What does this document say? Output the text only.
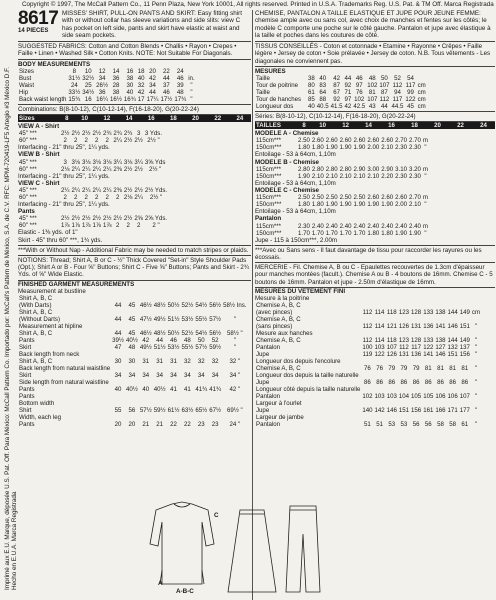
Copyright © 1997, The McCall Pattern Co., 11 Penn Plaza, New York 10001, All rights reserved. Printed in U.S.A. Trademarks Reg. U.S. Pat. & TM Off. Marca Registrada
Imprimé aux E.U. Marque, déposée U.S. Pat. Off. Para México: McCall Pattern Co. Importado por: McCall's Pattern de México, S.A. de C.V. RFC: MPM-720419-LF5 Artegio #3 México D.F. Hecho en E.U.A. Marca Registrada
8617
14 PIECES
MISSES' SHIRT, PULL-ON PANTS AND SKIRT: Easy fitting shirt with or without collar has sleeve variations and side slits: view C has pocket on left side, pants and skirt have elastic at waist and side seam pockets.
SUGGESTED FABRICS: Cotton and Cotton Blends • Challis • Rayon • Crepes • Faille • Linen • Washed Silk • Cotton Knits. NOTE: Not Suitable For Diagonals.
BODY MEASUREMENTS
Sizes	8	10	12	14	16	18	20	22	24	
Bust	31½	32½	34	36	38	40	42	44	46	in.
Waist	24	25	26½	28	30	32	34	37	39	"
Hip	33½	34½	36	38	40	42	44	46	48	"
Back waist length	15¾	16	16¼	16½	16¾	17	17¼	17½	17¾	"
Combinations: B(8-10-12), C(10-12-14), F(16-18-20), G(20-22-24)
Sizes	8	10	12	14	16	18	20	22	24
VIEW A - Shirt
45" ***	2½	2½	2½	2½	2¾	2¾	2¾	3	3 Yds.
60" ***	2	2	2	2	2	2¼	2½	2½	2½ "
Interfacing - 21" thru 25", 1¼ yds.
VIEW B - Shirt
45" ***	3	3⅛	3⅛	3⅛	3⅛	3¼	3⅛	3¼	3⅝ Yds
60" ***	2⅛	2¼	2¼	2¼	2¼	2⅜	2½	2½	2½ "
Interfacing - 21" thru 25", 1¼ yds.
VIEW C - Shirt
45" ***	2¼	2¼	2¼	2¼	2¼	2⅜	2½	2½	2½ Yds.
60" ***	2	2	2	2	2	2	2⅛	2¼	2½ "
Interfacing - 21" thru 25", 1¼ yds.
Pants
45" ***	2½	2½	2½	2½	2½	2½	2½	2⅝	2⅝ Yds.
60" ***	1⅞	1⅞	1⅞	1⅞	1⅞	2	2	2	2 "
Elastic - 1⅜ yds. of 1"
Skirt - 45" thru 60" ***, 1¾ yds.
***With or Without Nap - Additional Fabric may be needed to match stripes or plaids.
NOTIONS: Thread; Shirt A, B or C - ½" Thick Covered "Set-in" Style Shoulder Pads (Opt.); Shirt A or B - Four ⅝" Buttons; Shirt C - Five ⅝" Buttons; Pants and Skirt - 2¾ Yds. of ⅝" Wide Elastic.
FINISHED GARMENT MEASUREMENTS
Measurement at bustline
Shirt A, B, C									
(With Darts)	44	45	46½	48½	50½	52½	54½	56½	58½ Ins.
Shirt A, B, C									
(Without Darts)	44	45	47½	49½	51½	53½	55½	57½	"
Measurement at hipline									
Shirt A, B, C	44	45	46½	48½	50½	52½	54½	56½	58½ "
Pants	39½	40½	42	44	46	48	50	52	"
Skirt	47	48	49½	51½	53½	55½	57½	59½	"
Back length from neck									
Shirt A, B, C	30	30	31	31	31	32	32	32	32 "
Back length from natural waistline									
Skirt	34	34	34	34	34	34	34	34	34 "
Side length from natural waistline									
Pants	40	40½	40	40½	41	41	41¾	41¾	42 "
Pants									
Bottom width									
Shirt	55	56	57½	59½	61½	63½	65½	67½	69½ "
Width, each leg									
Pants	20	20	21	21	22	22	23	23	24 "
CHEMISE, PANTALON A TAILLE ELASTIQUE ET JUPE POUR JEUNE FEMME: chemise ample avec ou sans col, avec choix de manches et fentes sur les côtés; le modèle C comporte une poche sur le côté gauche. Pantalon et jupe avec élastique à la taille et poches dans les coutures de côté.
TISSUS CONSEILLÉS - Coton et cotonnade • Etamine • Rayonne • Crêpes • Faille légère • Jersey de coton • Soie prélavée • Jersey de coton. N.B. Tous vêtements - Les diagonales ne conviennent pas.
MESURES
Taille	38	40	42	44	46	48	50	52	54	
Tour de poitrine	80	83	87	92	97	102	107	112	117	cm
Taille	61	64	67	71	76	81	87	94	99	cm
Tour de hanches	85	88	92	97	102	107	112	117	122	cm
Longueur dos	40	40.5	41.5	42	42.5	43	44	44.5	45	cm
Séries: B(8-10-12), C(10-12-14), F(16-18-20), G(20-22-24)
TAILLES	8	10	12	14	16	18	20	22	24
MODELE A - Chemise
115cm***	2.50	2.60	2.60	2.60	2.60	2.60	2.60	2.70	2.70	m
150cm***	1.80	1.80	1.90	1.90	1.90	2.00	2.10	2.30	2.30	"
Entoilage - 53 à 64cm, 1,10m
MODELE B - Chemise
115cm***	2.80	2.80	2.80	2.80	2.90	3.00	2.90	3.10	3.20	m
150cm***	1.90	2.10	2.10	2.10	2.10	2.10	2.20	2.30	2.30	"
Entoilage - 53 à 64cm, 1,10m
MODELE C - Chemise
115cm***	2.50	2.50	2.50	2.50	2.50	2.60	2.60	2.60	2.70	m
150cm***	1.80	1.80	1.90	1.90	1.90	1.90	1.90	2.00	2.10	"
Entoilage - 53 à 64cm, 1,10m
Pantalon
115cm***	2.30	2.40	2.40	2.40	2.40	2.40	2.40	2.40	2.40	m
150cm***	1.70	1.70	1.70	1.70	1.70	1.80	1.80	1.90	1.90	"
Jupe - 115 à 150cm***, 2.00m
***Avec ou Sans sens - Il faut davantage de tissu pour raccorder les rayures ou les écossais.
MERCERIE - Fil. Chemise A, B ou C - Epaulettes recouvertes de 1.3cm d'épaisseur pour manches montées (facult.). Chemise A ou B - 4 boutons de 16mm. Chemise C - 5 boutons de 16mm. Pantalon et jupe - 2.50m d'élastique de 16mm.
MESURES DU VETEMENT FINI
Mesure à la poitrine
Chemise A, B, C										
(avec pinces)	112	114	118	123	128	133	138	144	149	cm
Chemise A, B, C										
(sans pinces)	112	114	121	126	131	136	141	146	151	"
Mesure aux hanches										
Chemise A, B, C	112	114	118	123	128	133	138	144	149	"
Pantalon	100	103	107	112	117	122	127	132	137	"
Jupe	119	122	126	131	136	141	146	151	156	"
Longueur dos depuis l'encolure										
Chemise A, B, C	76	76	79	79	79	81	81	81	81	"
Longueur dos depuis la taille naturelle										
Jupe	86	86	86	86	86	86	86	86	86	"
Longueur côté depuis la taille naturelle										
Pantalon	102	103	103	104	105	105	106	106	107	"
Largeur à l'ourlet										
Jupe	140	142	146	151	156	161	166	171	177	"
Largeur de jambe										
Pantalon	51	51	53	53	56	56	58	58	61	"
A
A-B-C
C
